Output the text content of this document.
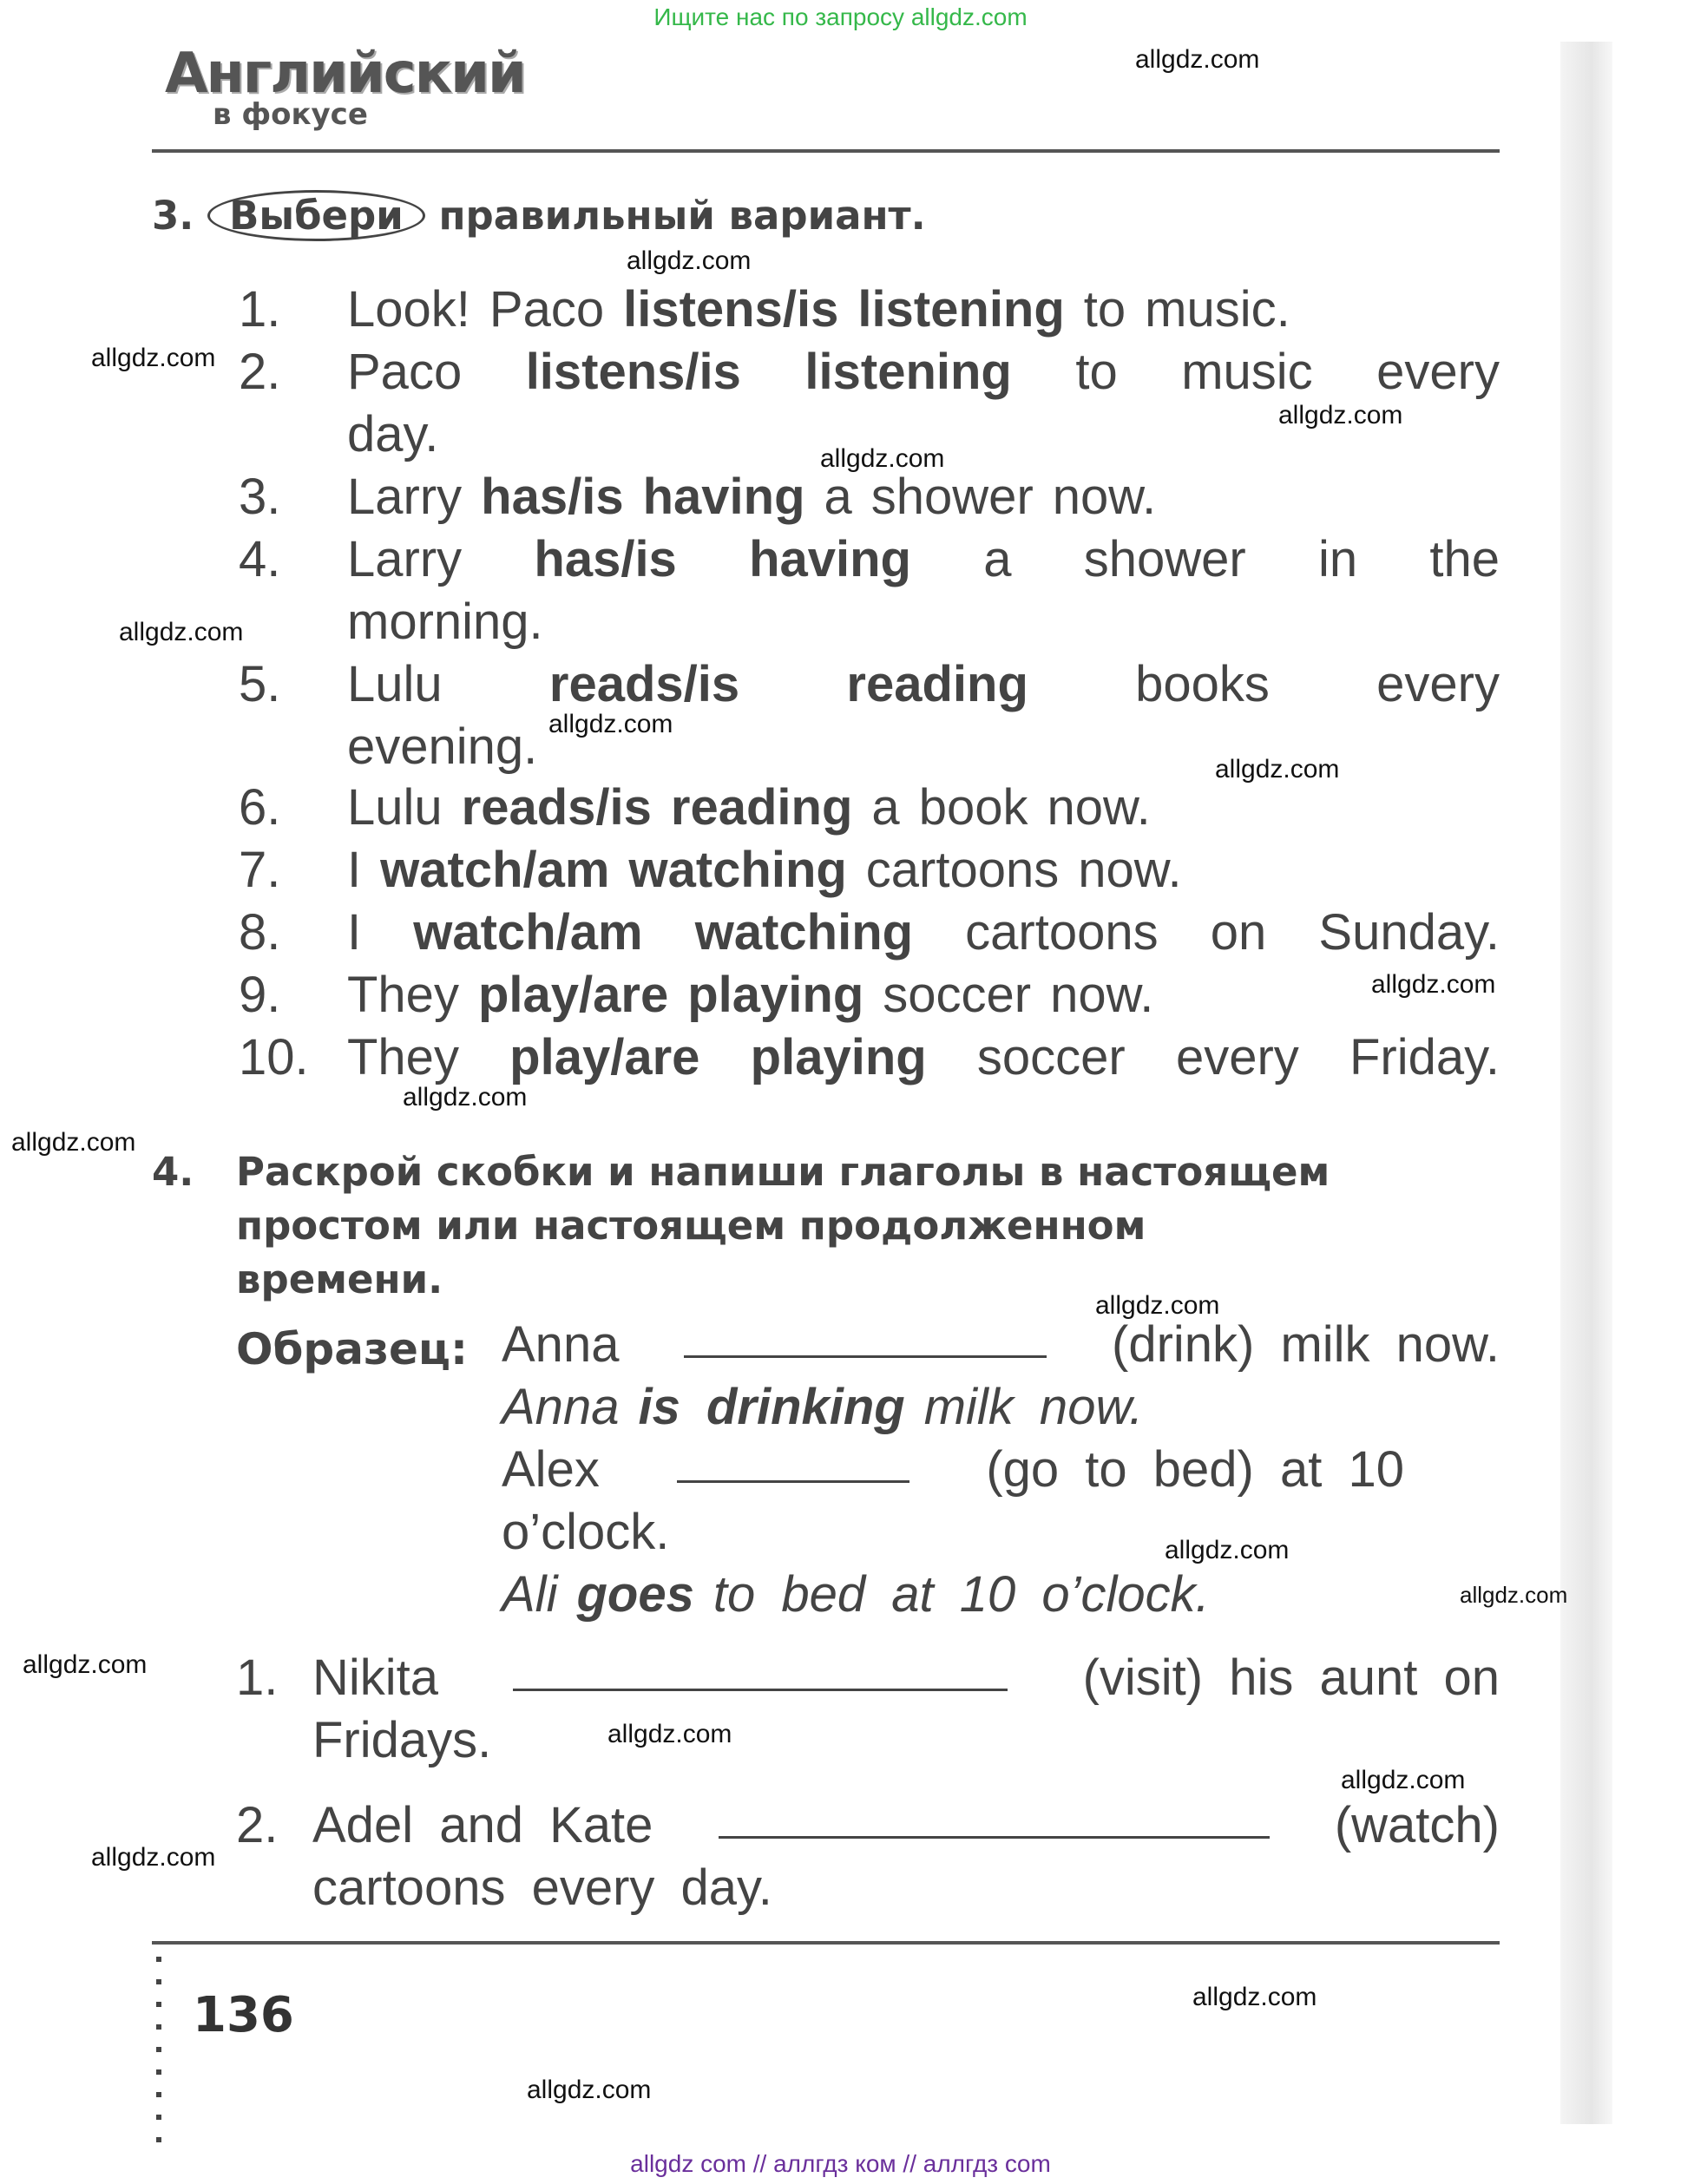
Ищите нас по запросу allgdz.com
Английский
в фокусе
3. Выбери правильный вариант.
1. Look! Paco listens/is listening to music.
2. Paco listens/is listening to music every
day.
3. Larry has/is having a shower now.
4. Larry has/is having a shower in the
morning.
5. Lulu reads/is reading books every
evening.
6. Lulu reads/is reading a book now.
7. I watch/am watching cartoons now.
8. I watch/am watching cartoons on Sunday.
9. They play/are playing soccer now.
10. They play/are playing soccer every Friday.
4. Раскрой скобки и напиши глаголы в настоящем
простом или настоящем продолженном
времени.
Образец: Anna	(drink) milk now.
Anna is drinking milk now.
Alex	(go to bed) at 10
o’clock.
Ali goes to bed at 10 o’clock.
1. Nikita	(visit) his aunt on
Fridays.
2. Adel and Kate	(watch)
cartoons every day.
136
allgdz.com
allgdz.com
allgdz.com
allgdz.com
allgdz.com
allgdz.com
allgdz.com
allgdz.com
allgdz.com
allgdz.com
allgdz.com
allgdz.com
allgdz.com
allgdz.com
allgdz.com
allgdz.com
allgdz.com
allgdz.com
allgdz.com
allgdz.com
allgdz com // аллгдз ком // аллгдз com
